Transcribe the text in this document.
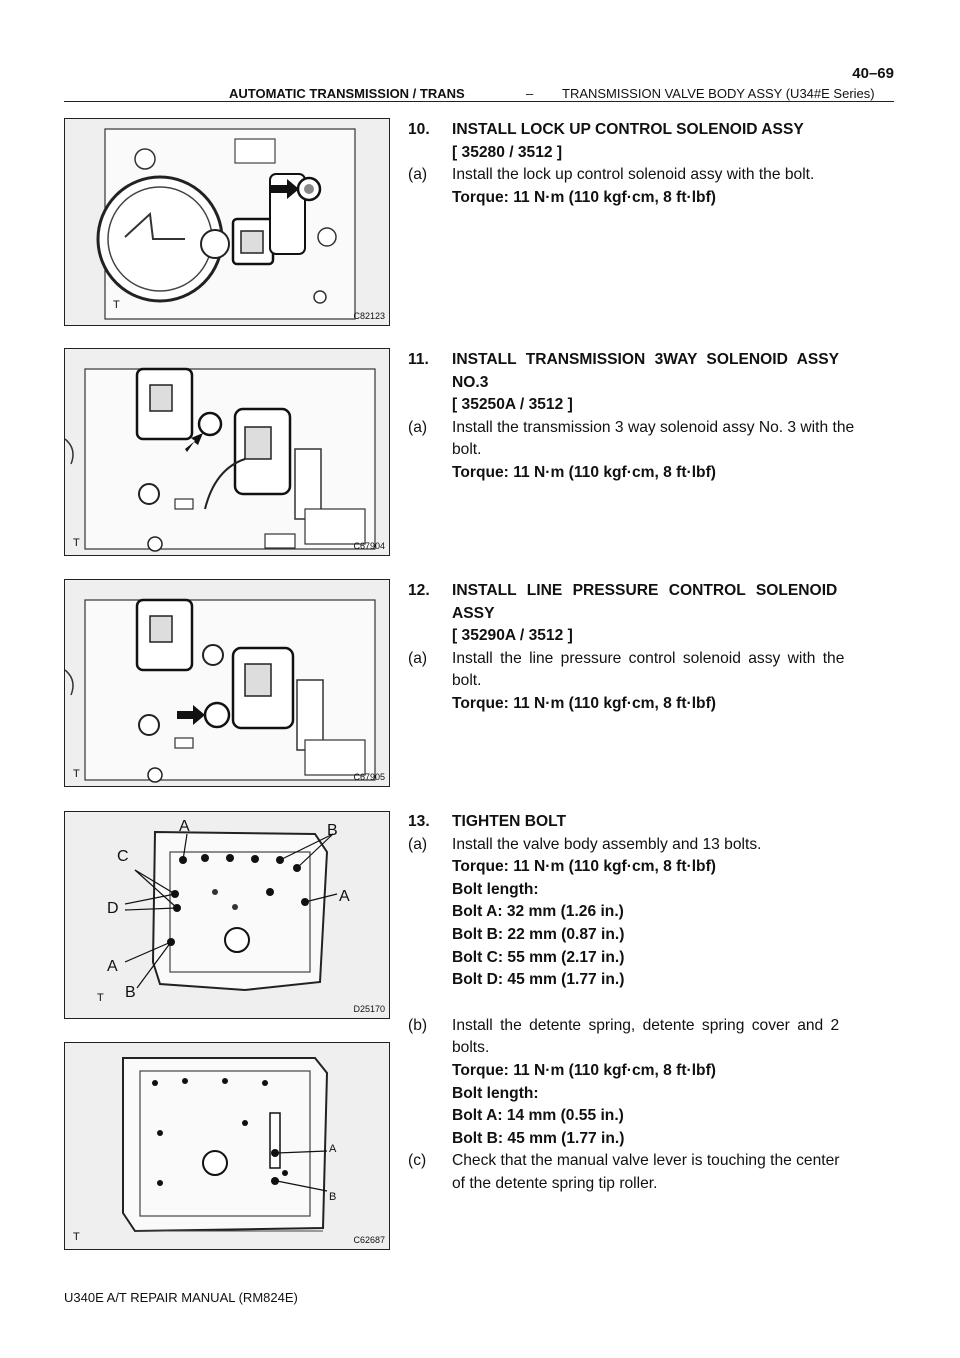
AUTOMATIC TRANSMISSION / TRANS	– TRANSMISSION VALVE BODY ASSY (U34#E Series)
40–69
T
C82123
T	C67904
T	C67905
A	B
C
A
D
A
B
T
D25170
A
B
T	C62687
10.	INSTALL LOCK UP CONTROL SOLENOID ASSY
[ 35280 / 3512 ]
(a)	Install the lock up control solenoid assy with the bolt.
Torque: 11 N·m (110 kgf·cm, 8 ft·lbf)
11.	INSTALL TRANSMISSION 3WAY SOLENOID ASSY
NO.3
[ 35250A / 3512 ]
(a)	Install the transmission 3 way solenoid assy No. 3 with the
bolt.
Torque: 11 N·m (110 kgf·cm, 8 ft·lbf)
12.	INSTALL LINE PRESSURE CONTROL SOLENOID
ASSY
[ 35290A / 3512 ]
(a)	Install the line pressure control solenoid assy with the
bolt.
Torque: 11 N·m (110 kgf·cm, 8 ft·lbf)
13.	TIGHTEN BOLT
(a)	Install the valve body assembly and 13 bolts.
Torque: 11 N·m (110 kgf·cm, 8 ft·lbf)
Bolt length:
Bolt A: 32 mm (1.26 in.)
Bolt B: 22 mm (0.87 in.)
Bolt C: 55 mm (2.17 in.)
Bolt D: 45 mm (1.77 in.)
(b)	Install the detente spring, detente spring cover and 2
bolts.
Torque: 11 N·m (110 kgf·cm, 8 ft·lbf)
Bolt length:
Bolt A: 14 mm (0.55 in.)
Bolt B: 45 mm (1.77 in.)
(c)	Check that the manual valve lever is touching the center
of the detente spring tip roller.
U340E A/T REPAIR MANUAL (RM824E)
